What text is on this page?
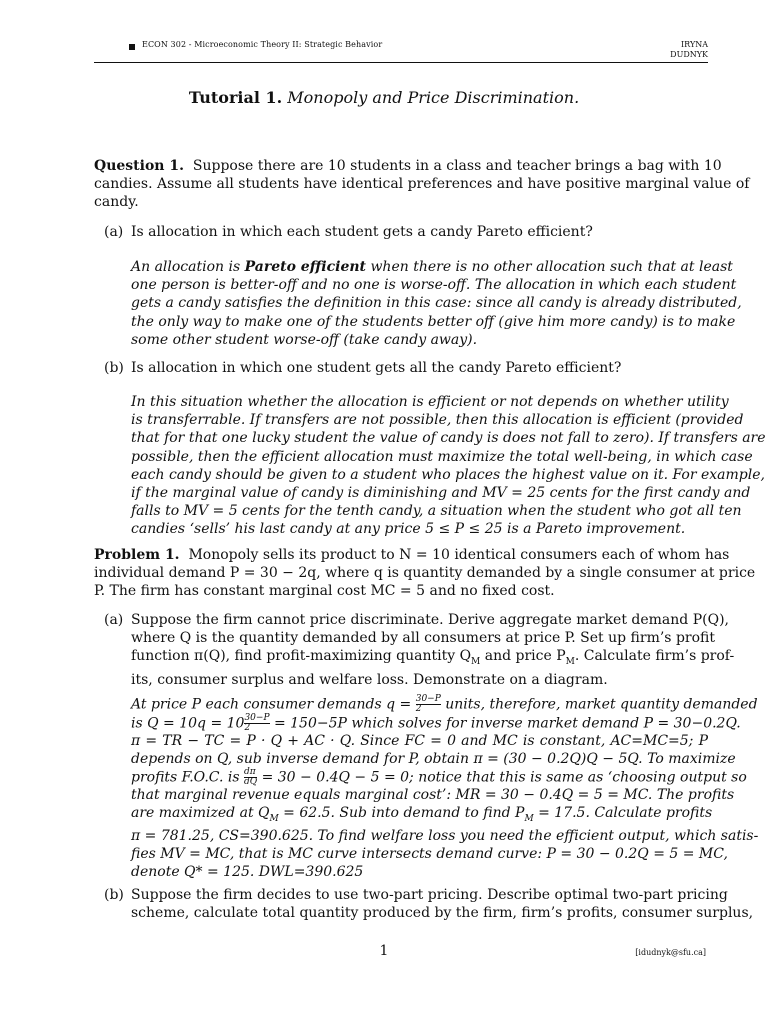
ECON 302 - Microeconomic Theory II: Strategic Behavior	IRYNA
DUDNYK
Tutorial 1. Monopoly and Price Discrimination.
Question 1. Suppose there are 10 students in a class and teacher brings a bag with 10
candies. Assume all students have identical preferences and have positive marginal value of
candy.
(a) Is allocation in which each student gets a candy Pareto efficient?
An allocation is Pareto efficient when there is no other allocation such that at least
one person is better-off and no one is worse-off. The allocation in which each student
gets a candy satisfies the definition in this case: since all candy is already distributed,
the only way to make one of the students better off (give him more candy) is to make
some other student worse-off (take candy away).
(b) Is allocation in which one student gets all the candy Pareto efficient?
In this situation whether the allocation is efficient or not depends on whether utility
is transferrable. If transfers are not possible, then this allocation is efficient (provided
that for that one lucky student the value of candy is does not fall to zero). If transfers are
possible, then the efficient allocation must maximize the total well-being, in which case
each candy should be given to a student who places the highest value on it. For example,
if the marginal value of candy is diminishing and MV = 25 cents for the first candy and
falls to MV = 5 cents for the tenth candy, a situation when the student who got all ten
candies ‘sells’ his last candy at any price 5 ≤ P ≤ 25 is a Pareto improvement.
Problem 1. Monopoly sells its product to N = 10 identical consumers each of whom has
individual demand P = 30 − 2q, where q is quantity demanded by a single consumer at price
P. The firm has constant marginal cost MC = 5 and no fixed cost.
(a) Suppose the firm cannot price discriminate. Derive aggregate market demand P(Q),
where Q is the quantity demanded by all consumers at price P. Set up firm’s profit
function π(Q), find profit-maximizing quantity $Q_M$ and price $P_M$. Calculate firm’s prof-
its, consumer surplus and welfare loss. Demonstrate on a diagram.
At price P each consumer demands $q = \frac{30-P}{2}$ units, therefore, market quantity demanded
is $Q = 10q = 10 \frac{30-P}{2} = 150-5P$ which solves for inverse market demand P = 30−0.2Q.
π = TR − TC = P · Q + AC · Q. Since FC = 0 and MC is constant, AC=MC=5; P
depends on Q, sub inverse demand for P, obtain π = (30 − 0.2Q)Q − 5Q. To maximize
profits F.O.C. is $\frac{d\pi}{dQ} = 30 - 0.4Q - 5 = 0$; notice that this is same as ‘choosing output so
that marginal revenue equals marginal cost’: MR = 30 − 0.4Q = 5 = MC. The profits
are maximized at $Q_M = 62.5$. Sub into demand to find $P_M = 17.5$. Calculate profits
π = 781.25, CS=390.625. To find welfare loss you need the efficient output, which satis-
fies MV = MC, that is MC curve intersects demand curve: P = 30 − 0.2Q = 5 = MC,
denote Q* = 125. DWL=390.625
(b) Suppose the firm decides to use two-part pricing. Describe optimal two-part pricing
scheme, calculate total quantity produced by the firm, firm’s profits, consumer surplus,
1	[idudnyk@sfu.ca]
